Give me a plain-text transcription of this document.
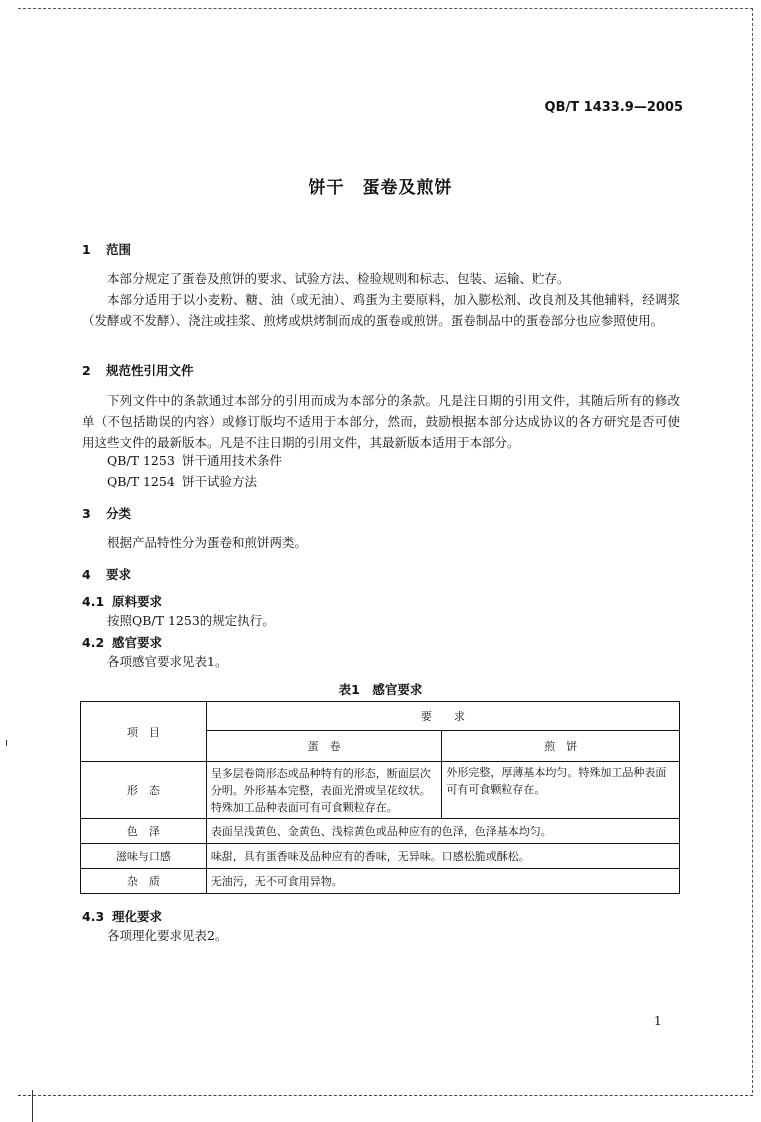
QB/T 1433.9—2005
饼干　蛋卷及煎饼
1 范围
本部分规定了蛋卷及煎饼的要求、试验方法、检验规则和标志、包装、运输、贮存。
本部分适用于以小麦粉、糖、油（或无油）、鸡蛋为主要原料，加入膨松剂、改良剂及其他辅料，经调浆（发酵或不发酵）、浇注或挂浆、煎烤或烘烤制而成的蛋卷或煎饼。蛋卷制品中的蛋卷部分也应参照使用。
2 规范性引用文件
下列文件中的条款通过本部分的引用而成为本部分的条款。凡是注日期的引用文件，其随后所有的修改单（不包括勘误的内容）或修订版均不适用于本部分，然而，鼓励根据本部分达成协议的各方研究是否可使用这些文件的最新版本。凡是不注日期的引用文件，其最新版本适用于本部分。
QB/T 1253 饼干通用技术条件
QB/T 1254 饼干试验方法
3 分类
根据产品特性分为蛋卷和煎饼两类。
4 要求
4.1 原料要求
按照QB/T 1253的规定执行。
4.2 感官要求
各项感官要求见表1。
表1　感官要求
项　目	要　　求	
	蛋　卷	煎　饼
形　态	呈多层卷筒形态或品种特有的形态，断面层次分明。外形基本完整，表面光滑或呈花纹状。特殊加工品种表面可有可食颗粒存在。	外形完整，厚薄基本均匀。特殊加工品种表面可有可食颗粒存在。
色　泽	表面呈浅黄色、金黄色、浅棕黄色或品种应有的色泽，色泽基本均匀。	
滋味与口感	味甜，具有蛋香味及品种应有的香味，无异味。口感松脆或酥松。	
杂　质	无油污，无不可食用异物。	
4.3 理化要求
各项理化要求见表2。
1
